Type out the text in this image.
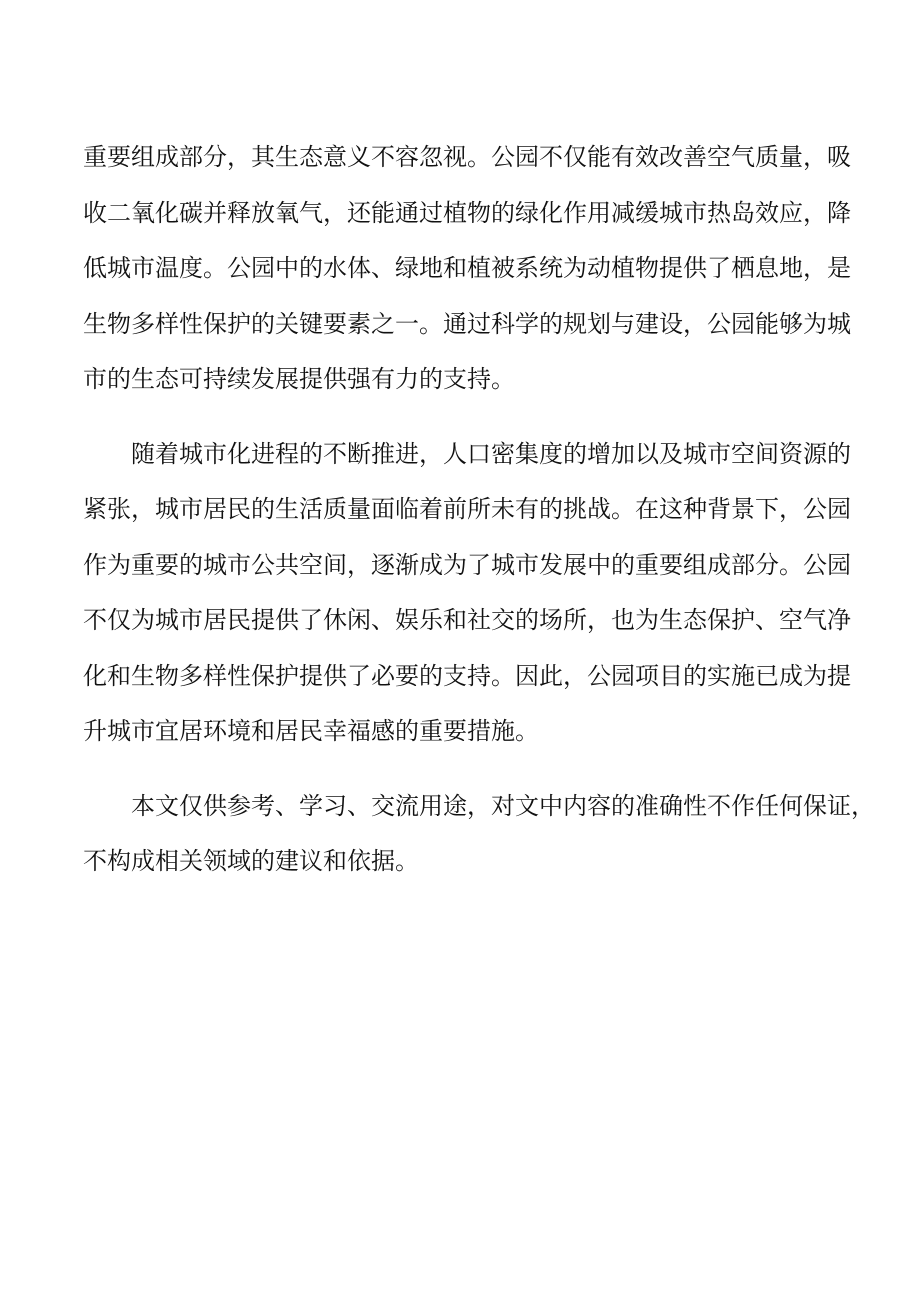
重要组成部分，其生态意义不容忽视。公园不仅能有效改善空气质量，吸
收二氧化碳并释放氧气，还能通过植物的绿化作用减缓城市热岛效应，降
低城市温度。公园中的水体、绿地和植被系统为动植物提供了栖息地，是
生物多样性保护的关键要素之一。通过科学的规划与建设，公园能够为城
市的生态可持续发展提供强有力的支持。

随着城市化进程的不断推进，人口密集度的增加以及城市空间资源的
紧张，城市居民的生活质量面临着前所未有的挑战。在这种背景下，公园
作为重要的城市公共空间，逐渐成为了城市发展中的重要组成部分。公园
不仅为城市居民提供了休闲、娱乐和社交的场所，也为生态保护、空气净
化和生物多样性保护提供了必要的支持。因此，公园项目的实施已成为提
升城市宜居环境和居民幸福感的重要措施。

本文仅供参考、学习、交流用途，对文中内容的准确性不作任何保证，
不构成相关领域的建议和依据。
